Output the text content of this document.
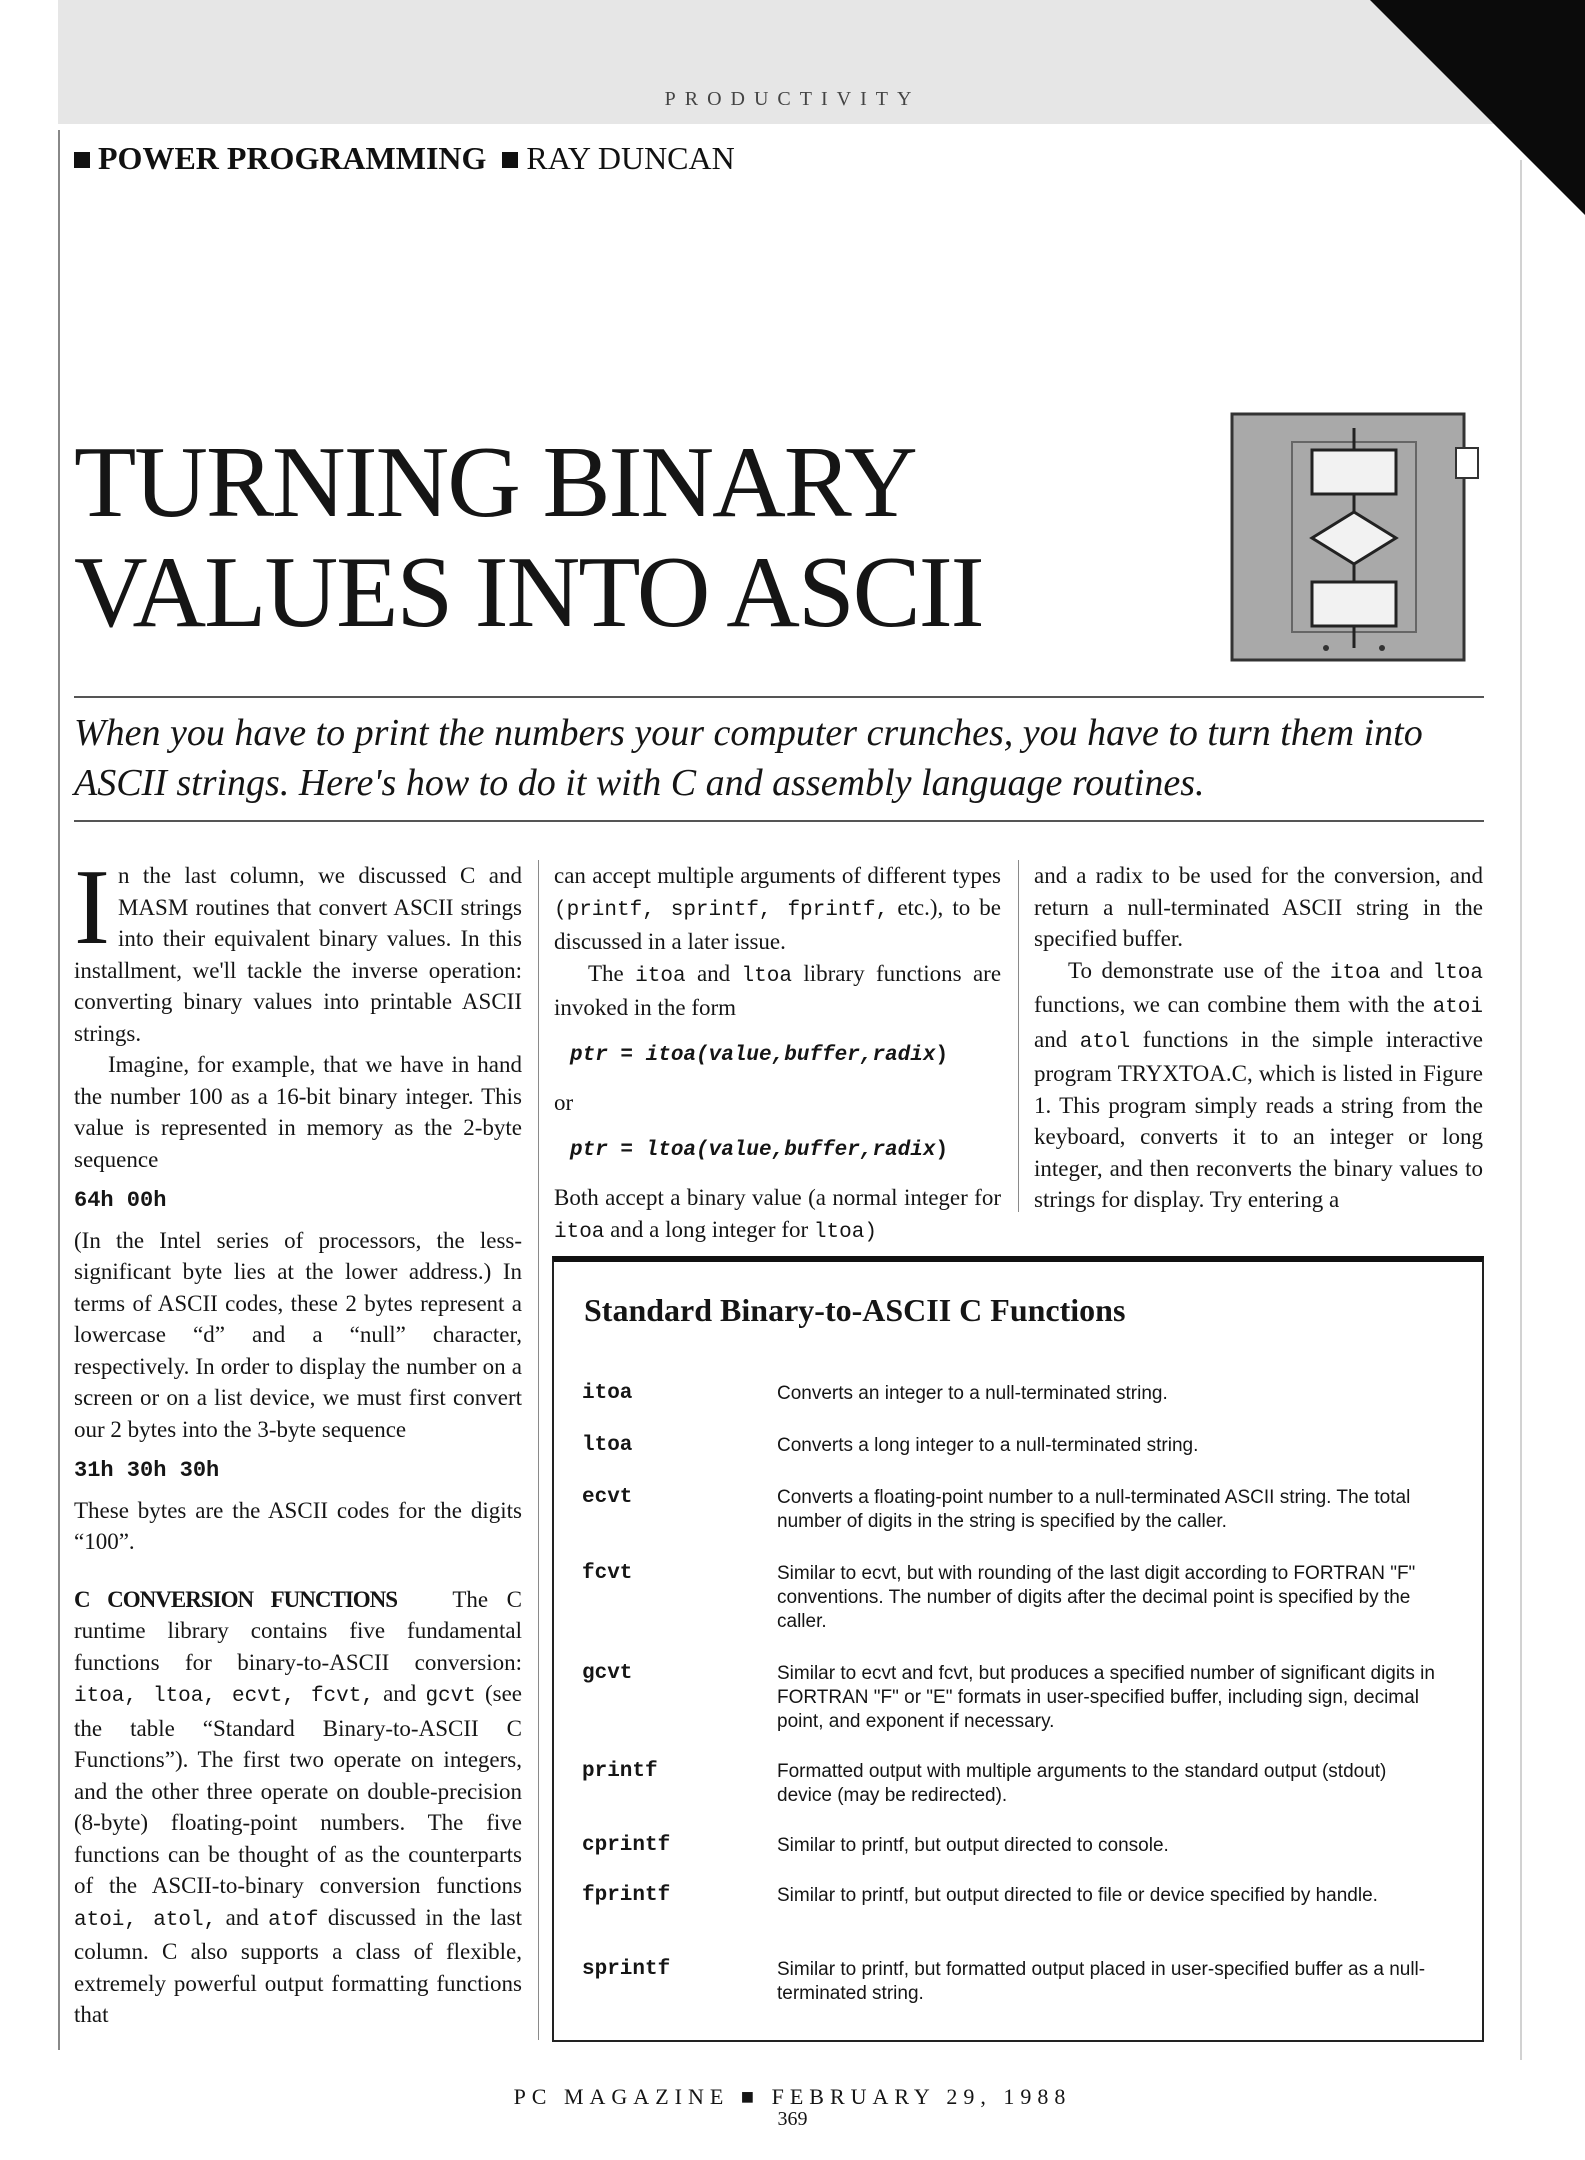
PRODUCTIVITY
POWER PROGRAMMING RAY DUNCAN
TURNING BINARY
VALUES INTO ASCII
When you have to print the numbers your computer crunches, you have to turn them into ASCII strings. Here's how to do it with C and assembly language routines.

In the last column, we discussed C and MASM routines that convert ASCII strings into their equivalent binary values. In this installment, we'll tackle the inverse operation: converting binary values into printable ASCII strings.

Imagine, for example, that we have in hand the number 100 as a 16-bit binary integer. This value is represented in memory as the 2-byte sequence

64h 00h

(In the Intel series of processors, the less-significant byte lies at the lower address.) In terms of ASCII codes, these 2 bytes represent a lowercase “d” and a “null” character, respectively. In order to display the number on a screen or on a list device, we must first convert our 2 bytes into the 3-byte sequence

31h 30h 30h

These bytes are the ASCII codes for the digits “100”.

C CONVERSION FUNCTIONS The C runtime library contains five fundamental functions for binary-to-ASCII conversion: itoa, ltoa, ecvt, fcvt, and gcvt (see the table “Standard Binary-to-ASCII C Functions”). The first two operate on integers, and the other three operate on double-precision (8-byte) floating-point numbers. The five functions can be thought of as the counterparts of the ASCII-to-binary conversion functions atoi, atol, and atof discussed in the last column. C also supports a class of flexible, extremely powerful output formatting functions that

can accept multiple arguments of different types (printf, sprintf, fprintf, etc.), to be discussed in a later issue.

The itoa and ltoa library functions are invoked in the form

ptr = itoa(value,buffer,radix)

or

ptr = ltoa(value,buffer,radix)

Both accept a binary value (a normal integer for itoa and a long integer for ltoa)

and a radix to be used for the conversion, and return a null-terminated ASCII string in the specified buffer.

To demonstrate use of the itoa and ltoa functions, we can combine them with the atoi and atol functions in the simple interactive program TRYXTOA.C, which is listed in Figure 1. This program simply reads a string from the keyboard, converts it to an integer or long integer, and then reconverts the binary values to strings for display. Try entering a

Standard Binary-to-ASCII C Functions
itoa	Converts an integer to a null-terminated string.
ltoa	Converts a long integer to a null-terminated string.
ecvt	Converts a floating-point number to a null-terminated ASCII string. The total number of digits in the string is specified by the caller.
fcvt	Similar to ecvt, but with rounding of the last digit according to FORTRAN "F" conventions. The number of digits after the decimal point is specified by the caller.
gcvt	Similar to ecvt and fcvt, but produces a specified number of significant digits in FORTRAN "F" or "E" formats in user-specified buffer, including sign, decimal point, and exponent if necessary.
printf	Formatted output with multiple arguments to the standard output (stdout) device (may be redirected).
cprintf	Similar to printf, but output directed to console.
fprintf	Similar to printf, but output directed to file or device specified by handle.
sprintf	Similar to printf, but formatted output placed in user-specified buffer as a null-terminated string.
PC MAGAZINE ■ FEBRUARY 29, 1988
369
